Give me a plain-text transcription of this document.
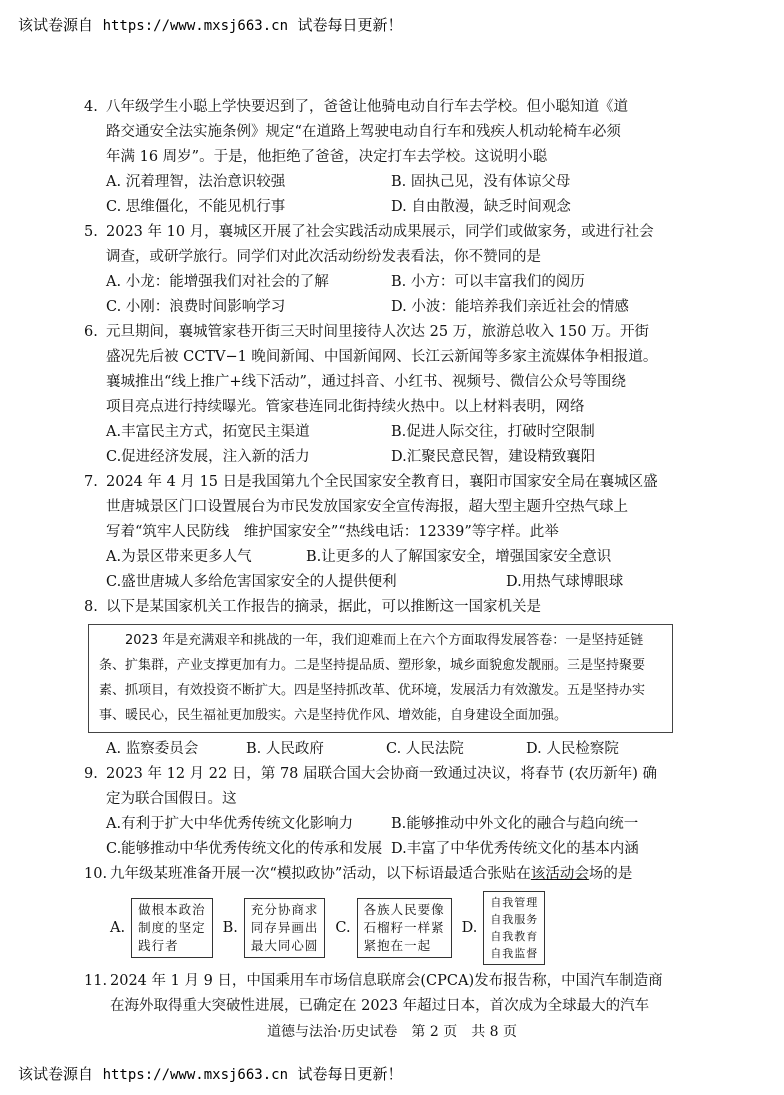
该试卷源自 https://www.mxsj663.cn 试卷每日更新！
4. 八年级学生小聪上学快要迟到了，爸爸让他骑电动自行车去学校。但小聪知道《道
路交通安全法实施条例》规定“在道路上驾驶电动自行车和残疾人机动轮椅车必须
年满 16 周岁”。于是，他拒绝了爸爸，决定打车去学校。这说明小聪
A. 沉着理智，法治意识较强	B. 固执己见，没有体谅父母
C. 思维僵化，不能见机行事	D. 自由散漫，缺乏时间观念
5. 2023 年 10 月，襄城区开展了社会实践活动成果展示，同学们或做家务，或进行社会
调查，或研学旅行。同学们对此次活动纷纷发表看法，你不赞同的是
A. 小龙：能增强我们对社会的了解	B. 小方：可以丰富我们的阅历
C. 小刚：浪费时间影响学习	D. 小波：能培养我们亲近社会的情感
6. 元旦期间，襄城管家巷开街三天时间里接待人次达 25 万，旅游总收入 150 万。开街
盛况先后被 CCTV−1 晚间新闻、中国新闻网、长江云新闻等多家主流媒体争相报道。
襄城推出“线上推广+线下活动”，通过抖音、小红书、视频号、微信公众号等围绕
项目亮点进行持续曝光。管家巷连同北街持续火热中。以上材料表明，网络
A.丰富民主方式，拓宽民主渠道	B.促进人际交往，打破时空限制
C.促进经济发展，注入新的活力	D.汇聚民意民智，建设精致襄阳
7. 2024 年 4 月 15 日是我国第九个全民国家安全教育日，襄阳市国家安全局在襄城区盛
世唐城景区门口设置展台为市民发放国家安全宣传海报，超大型主题升空热气球上
写着“筑牢人民防线　维护国家安全”“热线电话：12339”等字样。此举
A.为景区带来更多人气	B.让更多的人了解国家安全，增强国家安全意识
C.盛世唐城人多给危害国家安全的人提供便利	D.用热气球博眼球
8. 以下是某国家机关工作报告的摘录，据此，可以推断这一国家机关是
2023 年是充满艰辛和挑战的一年，我们迎难而上在六个方面取得发展答卷：一是坚持延链条、扩集群，产业支撑更加有力。二是坚持提品质、塑形象，城乡面貌愈发靓丽。三是坚持聚要素、抓项目，有效投资不断扩大。四是坚持抓改革、优环境，发展活力有效激发。五是坚持办实事、暖民心，民生福祉更加殷实。六是坚持优作风、增效能，自身建设全面加强。
A. 监察委员会	B. 人民政府	C. 人民法院	D. 人民检察院
9. 2023 年 12 月 22 日，第 78 届联合国大会协商一致通过决议，将春节 (农历新年) 确
定为联合国假日。这
A.有利于扩大中华优秀传统文化影响力	B.能够推动中外文化的融合与趋向统一
C.能够推动中华优秀传统文化的传承和发展 D.丰富了中华优秀传统文化的基本内涵
10. 九年级某班准备开展一次“模拟政协”活动，以下标语最适合张贴在该活动会场的是
A.
做根本政治
制度的坚定
践行者
B.
充分协商求
同存异画出
最大同心圆
C.
各族人民要像
石榴籽一样紧
紧抱在一起
D.
自我管理
自我服务
自我教育
自我监督
11. 2024 年 1 月 9 日，中国乘用车市场信息联席会(CPCA)发布报告称，中国汽车制造商
在海外取得重大突破性进展，已确定在 2023 年超过日本，首次成为全球最大的汽车
道德与法治·历史试卷　第 2 页　共 8 页
该试卷源自 https://www.mxsj663.cn 试卷每日更新！
